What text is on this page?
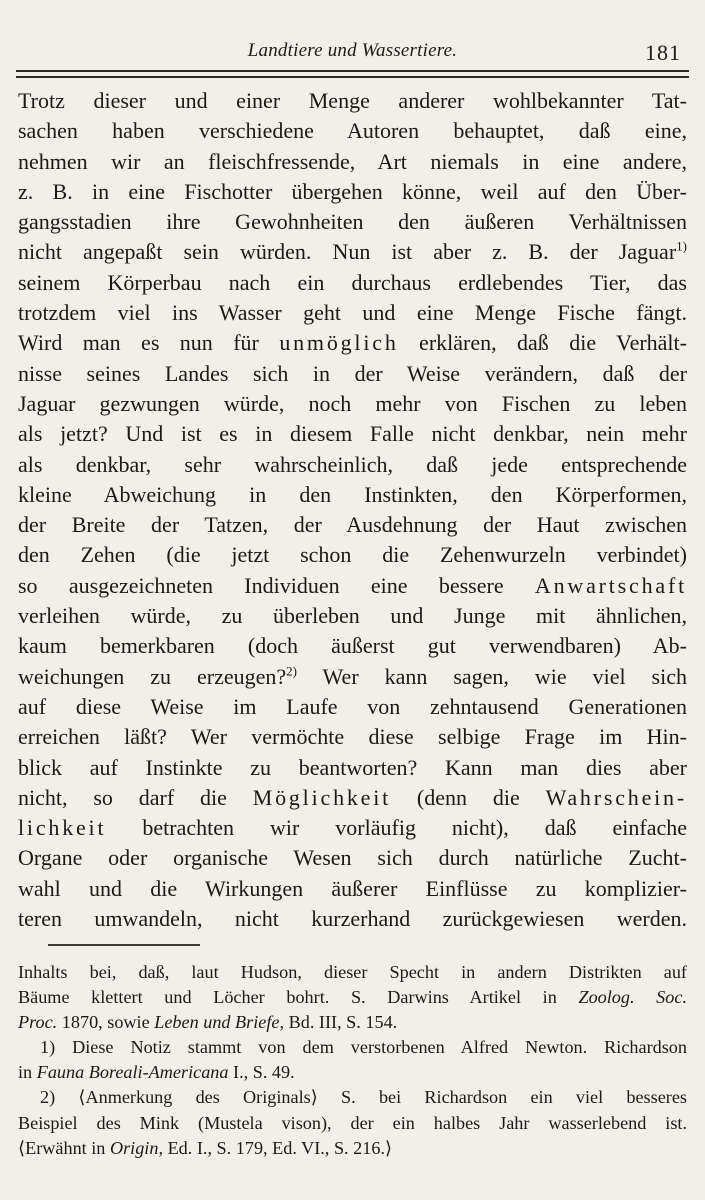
Landtiere und Wassertiere.	181
Trotz dieser und einer Menge anderer wohlbekannter Tat-
sachen haben verschiedene Autoren behauptet, daß eine,
nehmen wir an fleischfressende, Art niemals in eine andere,
z. B. in eine Fischotter übergehen könne, weil auf den Über-
gangsstadien ihre Gewohnheiten den äußeren Verhältnissen
nicht angepaßt sein würden. Nun ist aber z. B. der Jaguar$^{1)}$
seinem Körperbau nach ein durchaus erdlebendes Tier, das
trotzdem viel ins Wasser geht und eine Menge Fische fängt.
Wird man es nun für unmöglich erklären, daß die Verhält-
nisse seines Landes sich in der Weise verändern, daß der
Jaguar gezwungen würde, noch mehr von Fischen zu leben
als jetzt? Und ist es in diesem Falle nicht denkbar, nein mehr
als denkbar, sehr wahrscheinlich, daß jede entsprechende
kleine Abweichung in den Instinkten, den Körperformen,
der Breite der Tatzen, der Ausdehnung der Haut zwischen
den Zehen (die jetzt schon die Zehenwurzeln verbindet)
so ausgezeichneten Individuen eine bessere Anwartschaft
verleihen würde, zu überleben und Junge mit ähnlichen,
kaum bemerkbaren (doch äußerst gut verwendbaren) Ab-
weichungen zu erzeugen?$^{2)}$ Wer kann sagen, wie viel sich
auf diese Weise im Laufe von zehntausend Generationen
erreichen läßt? Wer vermöchte diese selbige Frage im Hin-
blick auf Instinkte zu beantworten? Kann man dies aber
nicht, so darf die Möglichkeit (denn die Wahrschein-
lichkeit betrachten wir vorläufig nicht), daß einfache
Organe oder organische Wesen sich durch natürliche Zucht-
wahl und die Wirkungen äußerer Einflüsse zu komplizier-
teren umwandeln, nicht kurzerhand zurückgewiesen werden.
Inhalts bei, daß, laut Hudson, dieser Specht in andern Distrikten auf
Bäume klettert und Löcher bohrt. S. Darwins Artikel in Zoolog. Soc.
Proc. 1870, sowie Leben und Briefe, Bd. III, S. 154.
1) Diese Notiz stammt von dem verstorbenen Alfred Newton. Richardson
in Fauna Boreali-Americana I., S. 49.
2) ⟨Anmerkung des Originals⟩ S. bei Richardson ein viel besseres
Beispiel des Mink (Mustela vison), der ein halbes Jahr wasserlebend ist.
⟨Erwähnt in Origin, Ed. I., S. 179, Ed. VI., S. 216.⟩
